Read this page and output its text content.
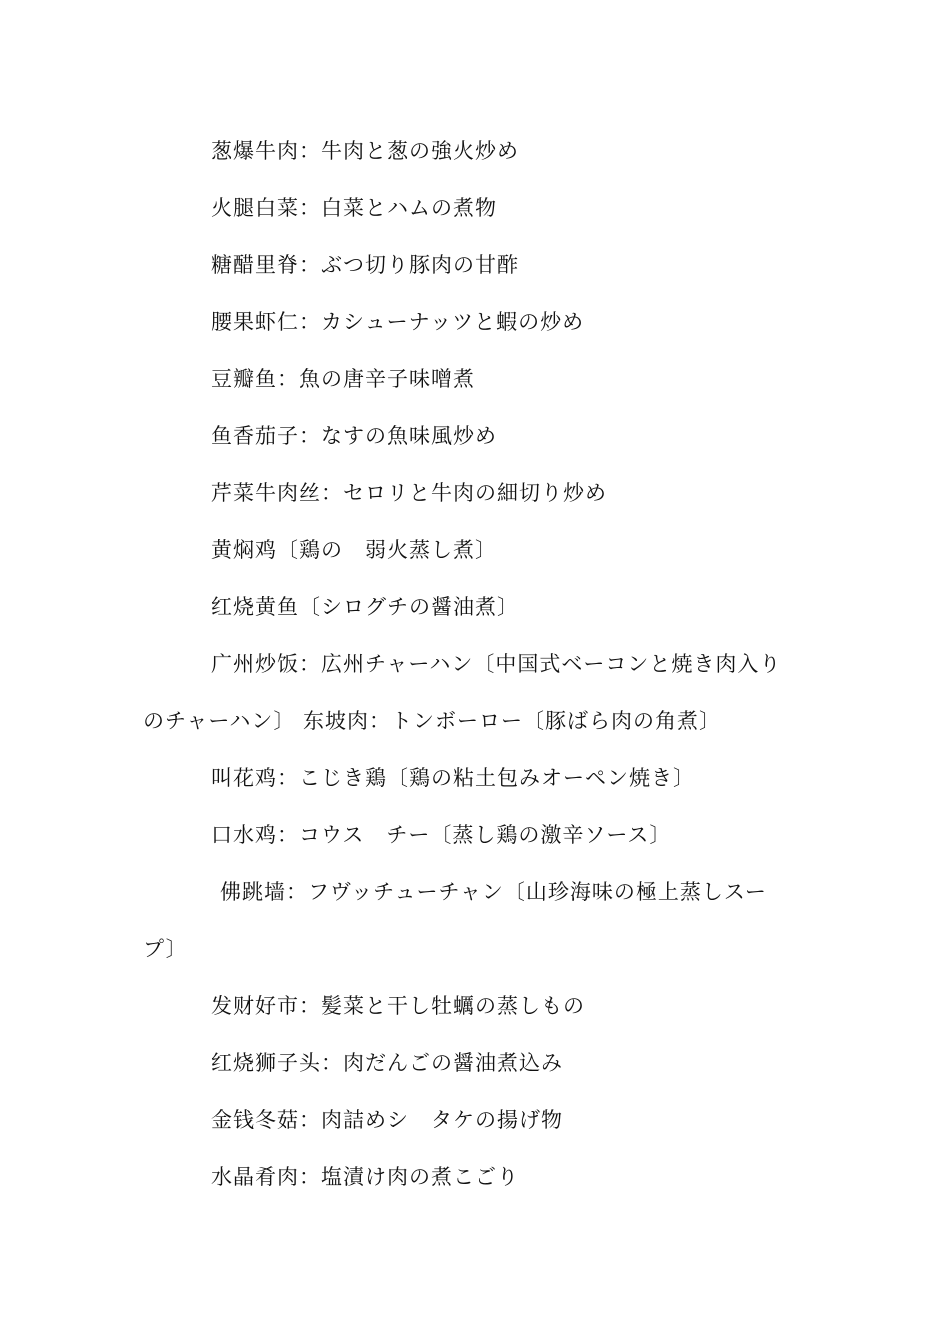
葱爆牛肉：牛肉と葱の強火炒め
火腿白菜：白菜とハムの煮物
糖醋里脊：ぶつ切り豚肉の甘酢
腰果虾仁：カシューナッツと蝦の炒め
豆瓣鱼：魚の唐辛子味噌煮
鱼香茄子：なすの魚味風炒め
芹菜牛肉丝：セロリと牛肉の細切り炒め
黄焖鸡〔鶏の　弱火蒸し煮〕
红烧黄鱼〔シログチの醤油煮〕
广州炒饭：広州チャーハン〔中国式ベーコンと焼き肉入り
のチャーハン〕 东坡肉：トンボーロー〔豚ばら肉の角煮〕
叫花鸡：こじき鶏〔鶏の粘土包みオーペン焼き〕
口水鸡：コウス　チー〔蒸し鶏の激辛ソース〕
佛跳墙：フヴッチューチャン〔山珍海味の極上蒸しスー
プ〕
发财好市：髪菜と干し牡蠣の蒸しもの
红烧狮子头：肉だんごの醤油煮込み
金钱冬菇：肉詰めシ　タケの揚げ物
水晶肴肉：塩漬け肉の煮こごり
